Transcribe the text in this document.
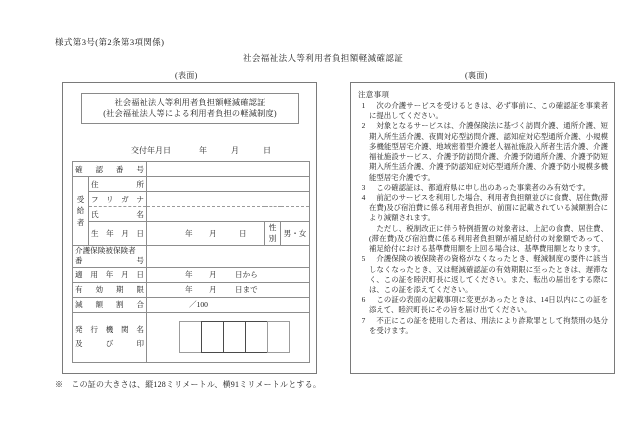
様式第3号(第2条第3項関係)
社会福祉法人等利用者負担額軽減確認証
(表面)	(裏面)
社会福祉法人等利用者負担額軽減確認証
(社会福祉法人等による利用者負担の軽減制度)
交付年月日	年	月	日
確認番号				

受
給
者	住所			
	フリガナ			
	氏名			
	生年月日	年 月 日	性
別	男・女

介護保険被保険者
番号				

適用年月日		年 月 日から		

有効期限		年 月 日まで		

減額割合		／100		

発行機関名
及び印				

注意事項
1	次の介護サービスを受けるときは、必ず事前に、この確認証を事業者に提出してください。

2	対象となるサービスは、介護保険法に基づく訪問介護、通所介護、短期入所生活介護、夜間対応型訪問介護、認知症対応型通所介護、小規模多機能型居宅介護、地域密着型介護老人福祉施設入所者生活介護、介護福祉施設サービス、介護予防訪問介護、介護予防通所介護、介護予防短期入所生活介護、介護予防認知症対応型通所介護、介護予防小規模多機能型居宅介護です。

3	この確認証は、都道府県に申し出のあった事業者のみ有効です。

4	前記のサービスを利用した場合、利用者負担額並びに食費、居住費(滞在費)及び宿泊費に係る利用者負担が、前面に記載されている減額割合により減額されます。

ただし、税制改正に伴う特例措置の対象者は、上記の食費、居住費、(滞在費)及び宿泊費に係る利用者負担額が補足給付の対象額であって、補足給付における基準費用額を上回る場合は、基準費用額となります。

5	介護保険の被保険者の資格がなくなったとき、軽減制度の要件に該当しなくなったとき、又は軽減確認証の有効期限に至ったときは、遅滞なく、この証を睦沢町長に返してください。また、転出の届出をする際には、この証を添えてください。

6	この証の表面の記載事項に変更があったときは、14日以内にこの証を添えて、睦沢町長にその旨を届け出てください。

7	不正にこの証を使用した者は、刑法により詐欺罪として拘禁刑の処分を受けます。

※　この証の大きさは、縦128ミリメートル、横91ミリメートルとする。
